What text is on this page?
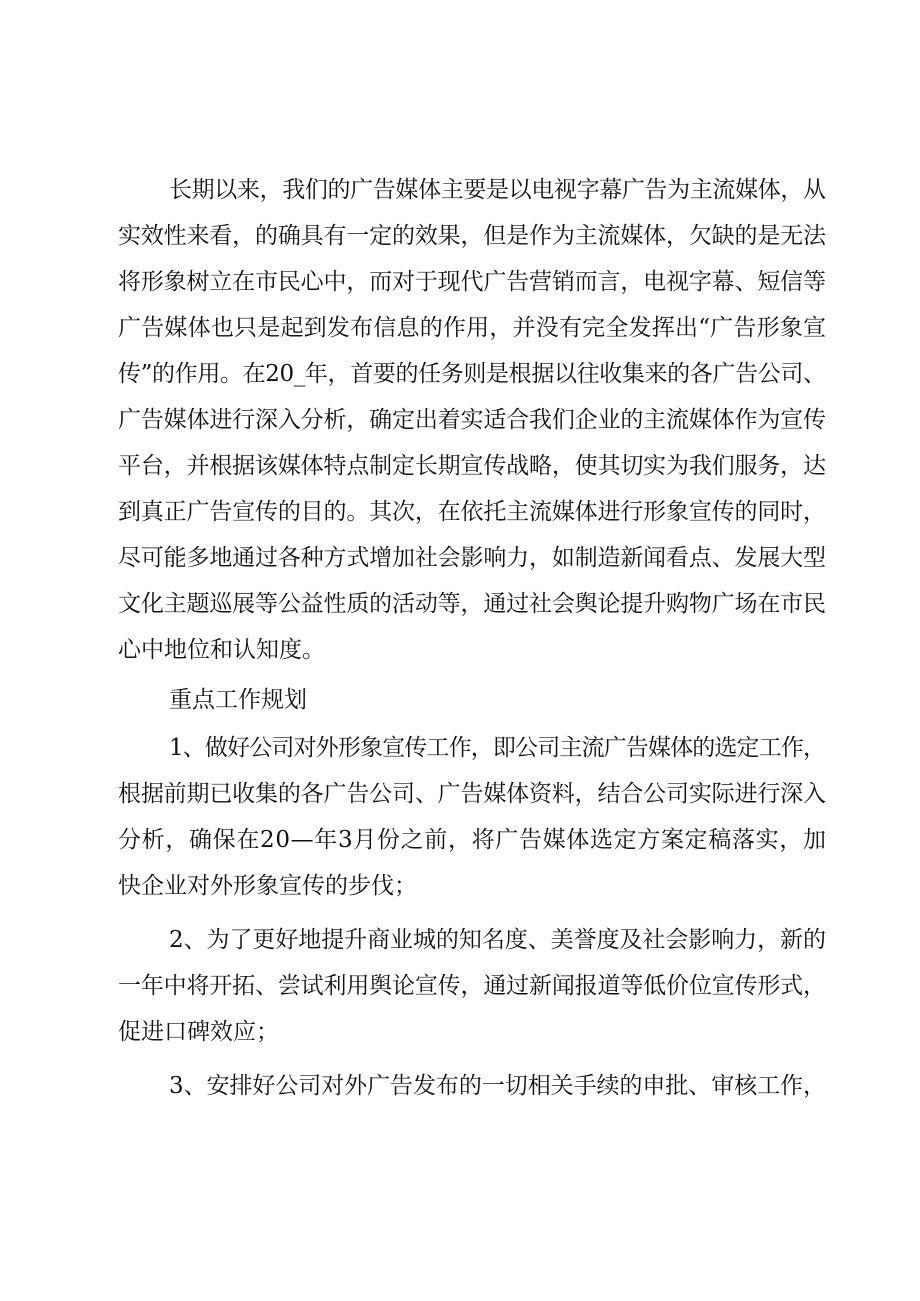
长期以来，我们的广告媒体主要是以电视字幕广告为主流媒体，从
实效性来看，的确具有一定的效果，但是作为主流媒体，欠缺的是无法
将形象树立在市民心中，而对于现代广告营销而言，电视字幕、短信等
广告媒体也只是起到发布信息的作用，并没有完全发挥出“广告形象宣
传”的作用。在20_年，首要的任务则是根据以往收集来的各广告公司、
广告媒体进行深入分析，确定出着实适合我们企业的主流媒体作为宣传
平台，并根据该媒体特点制定长期宣传战略，使其切实为我们服务，达
到真正广告宣传的目的。其次，在依托主流媒体进行形象宣传的同时，
尽可能多地通过各种方式增加社会影响力，如制造新闻看点、发展大型
文化主题巡展等公益性质的活动等，通过社会舆论提升购物广场在市民
心中地位和认知度。
重点工作规划
1、做好公司对外形象宣传工作，即公司主流广告媒体的选定工作，
根据前期已收集的各广告公司、广告媒体资料，结合公司实际进行深入
分析，确保在20—年3月份之前，将广告媒体选定方案定稿落实，加
快企业对外形象宣传的步伐；
2、为了更好地提升商业城的知名度、美誉度及社会影响力，新的
一年中将开拓、尝试利用舆论宣传，通过新闻报道等低价位宣传形式，
促进口碑效应；
3、安排好公司对外广告发布的一切相关手续的申批、审核工作，
